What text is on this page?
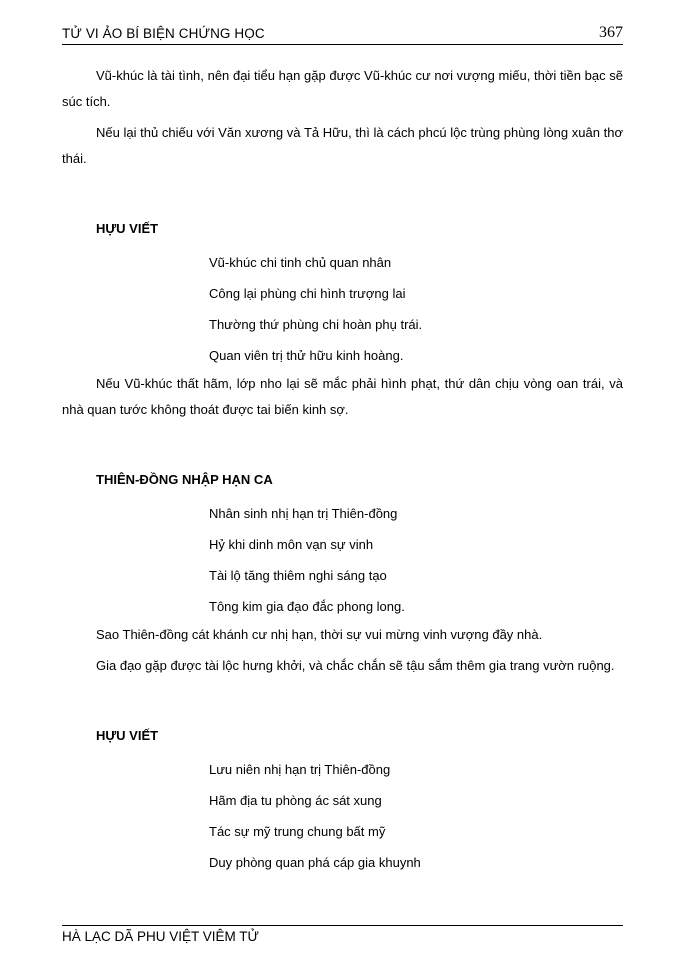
TỬ VI ẢO BÍ BIỆN CHỨNG HỌC	367

Vũ-khúc là tài tình, nên đại tiểu hạn gặp được Vũ-khúc cư nơi vượng miếu, thời tiền bạc sẽ súc tích.

Nếu lại thủ chiếu với Văn xương và Tả Hữu, thì là cách phcú lộc trùng phùng lòng xuân thơ thái.

HỰU VIẾT

Vũ-khúc chi tinh chủ quan nhân

Công lại phùng chi hình trượng lai

Thường thứ phùng chi hoàn phụ trái.

Quan viên trị thử hữu kinh hoàng.

Nếu Vũ-khúc thất hãm, lớp nho lại sẽ mắc phải hình phạt, thứ dân chịu vòng oan trái, và nhà quan tước không thoát được tai biến kinh sợ.

THIÊN-ĐỒNG NHẬP HẠN CA

Nhân sinh nhị hạn trị Thiên-đồng

Hỷ khi dinh môn vạn sự vinh

Tài lộ tăng thiêm nghi sáng tạo

Tông kim gia đạo đắc phong long.

Sao Thiên-đồng cát khánh cư nhị hạn, thời sự vui mừng vinh vượng đầy nhà.

Gia đạo gặp được tài lộc hưng khởi, và chắc chắn sẽ tậu sắm thêm gia trang vườn ruộng.

HỰU VIẾT

Lưu niên nhị hạn trị Thiên-đồng

Hãm địa tu phòng ác sát xung

Tác sự mỹ trung chung bất mỹ

Duy phòng quan phá cáp gia khuynh

HÀ LẠC DÃ PHU VIỆT VIÊM TỬ
